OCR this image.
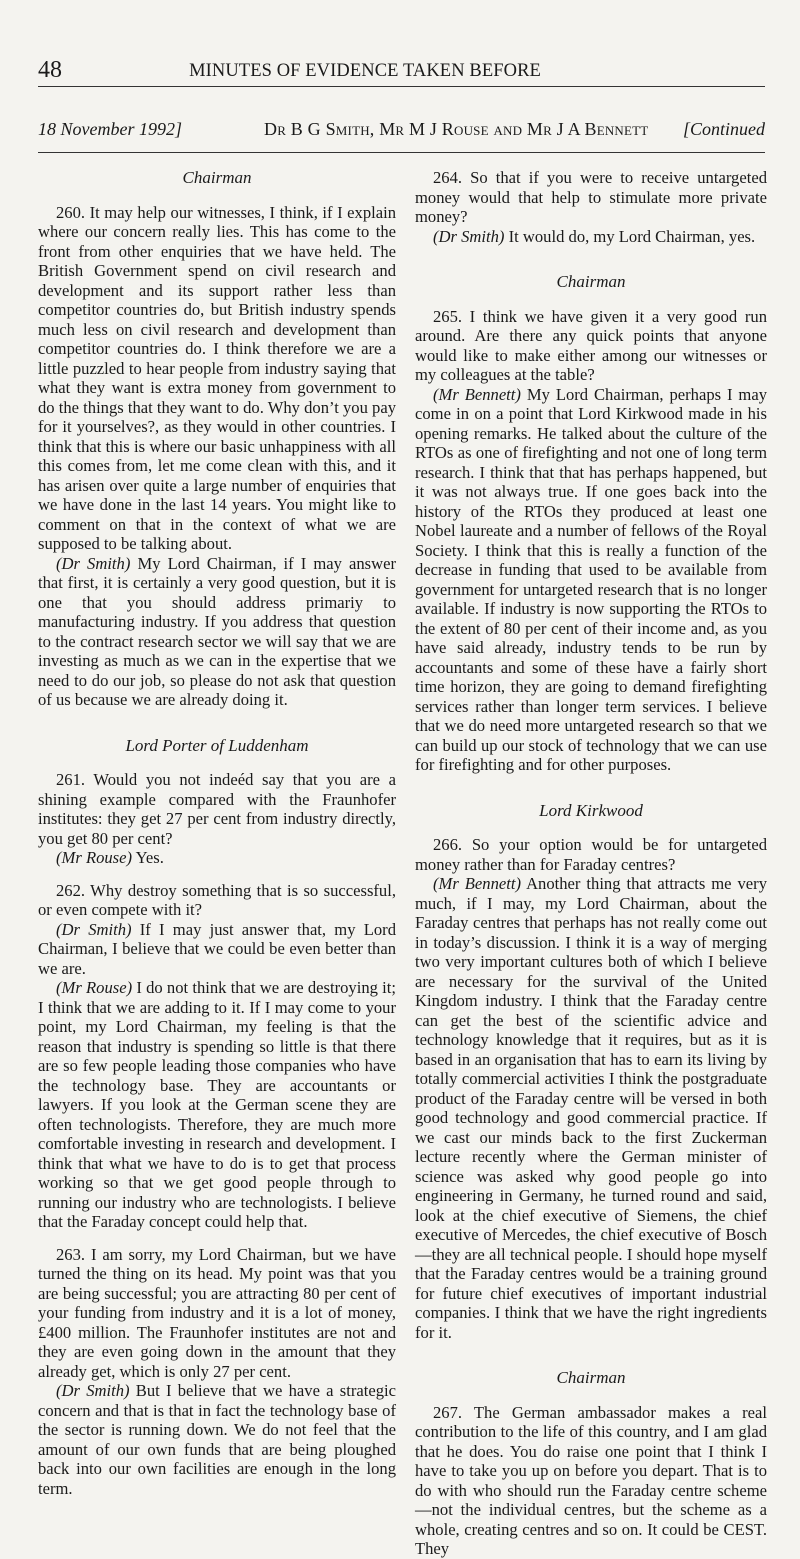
48	MINUTES OF EVIDENCE TAKEN BEFORE
18 November 1992]	Dr B G Smith, Mr M J Rouse and Mr J A Bennett [Continued
Chairman

260. It may help our witnesses, I think, if I explain where our concern really lies. This has come to the front from other enquiries that we have held. The British Government spend on civil research and development and its support rather less than competitor countries do, but British industry spends much less on civil research and development than competitor countries do. I think therefore we are a little puzzled to hear people from industry saying that what they want is extra money from government to do the things that they want to do. Why don’t you pay for it yourselves?, as they would in other countries. I think that this is where our basic unhappiness with all this comes from, let me come clean with this, and it has arisen over quite a large number of enquiries that we have done in the last 14 years. You might like to comment on that in the context of what we are supposed to be talking about.

(Dr Smith) My Lord Chairman, if I may answer that first, it is certainly a very good question, but it is one that you should address primariy to manufacturing industry. If you address that question to the contract research sector we will say that we are investing as much as we can in the expertise that we need to do our job, so please do not ask that question of us because we are already doing it.

Lord Porter of Luddenham

261. Would you not indeéd say that you are a shining example compared with the Fraunhofer institutes: they get 27 per cent from industry directly, you get 80 per cent?

(Mr Rouse) Yes.

262. Why destroy something that is so successful, or even compete with it?

(Dr Smith) If I may just answer that, my Lord Chairman, I believe that we could be even better than we are.

(Mr Rouse) I do not think that we are destroying it; I think that we are adding to it. If I may come to your point, my Lord Chairman, my feeling is that the reason that industry is spending so little is that there are so few people leading those companies who have the technology base. They are accountants or lawyers. If you look at the German scene they are often technologists. Therefore, they are much more comfortable investing in research and development. I think that what we have to do is to get that process working so that we get good people through to running our industry who are technologists. I believe that the Faraday concept could help that.

263. I am sorry, my Lord Chairman, but we have turned the thing on its head. My point was that you are being successful; you are attracting 80 per cent of your funding from industry and it is a lot of money, £400 million. The Fraunhofer institutes are not and they are even going down in the amount that they already get, which is only 27 per cent.

(Dr Smith) But I believe that we have a strategic concern and that is that in fact the technology base of the sector is running down. We do not feel that the amount of our own funds that are being ploughed back into our own facilities are enough in the long term.

264. So that if you were to receive untargeted money would that help to stimulate more private money?

(Dr Smith) It would do, my Lord Chairman, yes.

Chairman

265. I think we have given it a very good run around. Are there any quick points that anyone would like to make either among our witnesses or my colleagues at the table?

(Mr Bennett) My Lord Chairman, perhaps I may come in on a point that Lord Kirkwood made in his opening remarks. He talked about the culture of the RTOs as one of firefighting and not one of long term research. I think that that has perhaps happened, but it was not always true. If one goes back into the history of the RTOs they produced at least one Nobel laureate and a number of fellows of the Royal Society. I think that this is really a function of the decrease in funding that used to be available from government for untargeted research that is no longer available. If industry is now supporting the RTOs to the extent of 80 per cent of their income and, as you have said already, industry tends to be run by accountants and some of these have a fairly short time horizon, they are going to demand firefighting services rather than longer term services. I believe that we do need more untargeted research so that we can build up our stock of technology that we can use for firefighting and for other purposes.

Lord Kirkwood

266. So your option would be for untargeted money rather than for Faraday centres?

(Mr Bennett) Another thing that attracts me very much, if I may, my Lord Chairman, about the Faraday centres that perhaps has not really come out in today’s discussion. I think it is a way of merging two very important cultures both of which I believe are necessary for the survival of the United Kingdom industry. I think that the Faraday centre can get the best of the scientific advice and technology knowledge that it requires, but as it is based in an organisation that has to earn its living by totally commercial activities I think the postgraduate product of the Faraday centre will be versed in both good technology and good commercial practice. If we cast our minds back to the first Zuckerman lecture recently where the German minister of science was asked why good people go into engineering in Germany, he turned round and said, look at the chief executive of Siemens, the chief executive of Mercedes, the chief executive of Bosch—they are all technical people. I should hope myself that the Faraday centres would be a training ground for future chief executives of important industrial companies. I think that we have the right ingredients for it.

Chairman

267. The German ambassador makes a real contribution to the life of this country, and I am glad that he does. You do raise one point that I think I have to take you up on before you depart. That is to do with who should run the Faraday centre scheme—not the individual centres, but the scheme as a whole, creating centres and so on. It could be CEST. They
